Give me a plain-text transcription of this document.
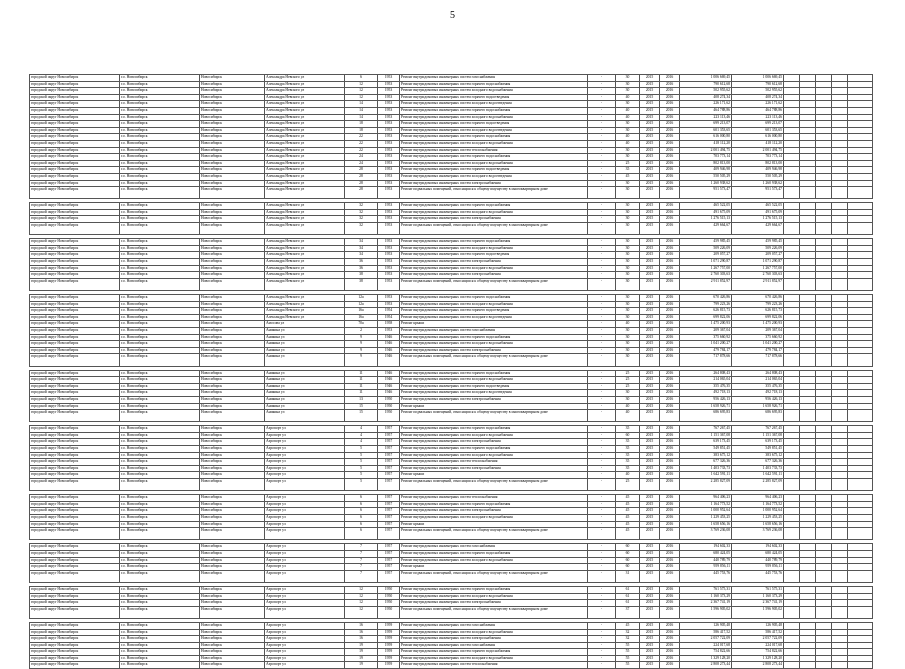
5
городской округ Новосибирск	г.о. Новосибирск	Новосибирск	Александра Невского ул	6	1953	Ремонт внутридомовых инженерных систем газоснабжения	-	30	2015	2016	1 006 669,45	1 006 669,45					
городской округ Новосибирск	г.о. Новосибирск	Новосибирск	Александра Невского ул	12	1953	Ремонт внутридомовых инженерных систем горячего водоснабжения	-	30	2015	2016	790 612,68	790 612,68					
городской округ Новосибирск	г.о. Новосибирск	Новосибирск	Александра Невского ул	12	1953	Ремонт внутридомовых инженерных систем холодного водоснабжения	-	30	2015	2016	502 955,62	502 955,62					
городской округ Новосибирск	г.о. Новосибирск	Новосибирск	Александра Невского ул	12	1953	Ремонт внутридомовых инженерных систем горячего водоотведения	-	40	2015	2016	408 274,34	408 274,34					
городской округ Новосибирск	г.о. Новосибирск	Новосибирск	Александра Невского ул	14	1953	Ремонт внутридомовых инженерных систем холодного водоотведения	-	30	2015	2016	226 171,62	226 171,62					
городской округ Новосибирск	г.о. Новосибирск	Новосибирск	Александра Невского ул	14	1953	Ремонт внутридомовых инженерных систем горячего водоснабжения	-	40	2015	2016	464 788,86	464 788,86					
городской округ Новосибирск	г.о. Новосибирск	Новосибирск	Александра Невского ул	14	1953	Ремонт внутридомовых инженерных систем холодного водоснабжения	-	40	2015	2016	223 113,46	223 113,46					
городской округ Новосибирск	г.о. Новосибирск	Новосибирск	Александра Невского ул	18	1953	Ремонт внутридомовых инженерных систем горячего водоотведения	-	30	2015	2016	699 213,07	699 213,07					
городской округ Новосибирск	г.о. Новосибирск	Новосибирск	Александра Невского ул	18	1953	Ремонт внутридомовых инженерных систем холодного водоотведения	-	30	2015	2016	601 353,65	601 353,65					
городской округ Новосибирск	г.о. Новосибирск	Новосибирск	Александра Невского ул	22	1953	Ремонт внутридомовых инженерных систем горячего водоснабжения	-	40	2015	2016	616 000,80	616 000,80					
городской округ Новосибирск	г.о. Новосибирск	Новосибирск	Александра Невского ул	22	1953	Ремонт внутридомовых инженерных систем холодного водоснабжения	-	40	2015	2016	418 112,20	418 112,20					
городской округ Новосибирск	г.о. Новосибирск	Новосибирск	Александра Невского ул	22	1953	Ремонт внутридомовых инженерных систем теплоснабжения	-	30	2015	2016	2 001 494,75	2 001 494,75					
городской округ Новосибирск	г.о. Новосибирск	Новосибирск	Александра Невского ул	24	1953	Ремонт внутридомовых инженерных систем горячего водоснабжения	-	30	2015	2016	703 773,14	703 773,14					
городской округ Новосибирск	г.о. Новосибирск	Новосибирск	Александра Невского ул	24	1953	Ремонт внутридомовых инженерных систем холодного водоснабжения	-	25	2015	2016	802 813,00	802 813,00					
городской округ Новосибирск	г.о. Новосибирск	Новосибирск	Александра Невского ул	28	1953	Ремонт внутридомовых инженерных систем горячего водоотведения	-	35	2015	2016	409 946,98	409 946,98					
городской округ Новосибирск	г.о. Новосибирск	Новосибирск	Александра Невского ул	28	1953	Ремонт внутридомовых инженерных систем холодного водоотведения	-	45	2015	2016	550 505,29	550 505,29					
городской округ Новосибирск	г.о. Новосибирск	Новосибирск	Александра Невского ул	28	1953	Ремонт внутридомовых инженерных систем электроснабжения	-	30	2015	2016	1 260 938,62	1 260 938,62					
городской округ Новосибирск	г.о. Новосибирск	Новосибирск	Александра Невского ул	28	1953	Ремонт подвальных помещений, относящихся к общему имуществу в многоквартирном доме	-	30	2015	2016	951 573,47	951 573,47					

городской округ Новосибирск	г.о. Новосибирск	Новосибирск	Александра Невского ул	32	1953	Ремонт внутридомовых инженерных систем горячего водоснабжения	-	30	2015	2016	465 522,05	465 522,05					
городской округ Новосибирск	г.о. Новосибирск	Новосибирск	Александра Невского ул	32	1953	Ремонт внутридомовых инженерных систем холодного водоснабжения	-	30	2015	2016	491 675,09	491 675,09					
городской округ Новосибирск	г.о. Новосибирск	Новосибирск	Александра Невского ул	32	1953	Ремонт внутридомовых инженерных систем электроснабжения	-	30	2015	2016	1 276 515,13	1 276 515,13					
городской округ Новосибирск	г.о. Новосибирск	Новосибирск	Александра Невского ул	32	1953	Ремонт подвальных помещений, относящихся к общему имуществу в многоквартирном доме	-	30	2015	2016	429 664,67	429 664,67					

городской округ Новосибирск	г.о. Новосибирск	Новосибирск	Александра Невского ул	34	1953	Ремонт внутридомовых инженерных систем горячего водоснабжения	-	30	2015	2016	459 985,45	459 985,45					
городской округ Новосибирск	г.о. Новосибирск	Новосибирск	Александра Невского ул	34	1953	Ремонт внутридомовых инженерных систем холодного водоснабжения	-	30	2015	2016	509 226,09	509 226,09					
городской округ Новосибирск	г.о. Новосибирск	Новосибирск	Александра Невского ул	34	1953	Ремонт внутридомовых инженерных систем горячего водоотведения	-	30	2015	2016	209 057,27	209 057,27					
городской округ Новосибирск	г.о. Новосибирск	Новосибирск	Александра Невского ул	36	1953	Ремонт внутридомовых инженерных систем электроснабжения	-	30	2015	2016	1 071 290,87	1 071 290,87					
городской округ Новосибирск	г.о. Новосибирск	Новосибирск	Александра Невского ул	36	1953	Ремонт внутридомовых инженерных систем холодного водоснабжения	-	30	2015	2016	1 267 757,00	1 267 757,00					
городской округ Новосибирск	г.о. Новосибирск	Новосибирск	Александра Невского ул	38	1953	Ремонт внутридомовых инженерных систем электроснабжения	-	30	2015	2016	2 760 303,63	2 760 303,63					
городской округ Новосибирск	г.о. Новосибирск	Новосибирск	Александра Невского ул	38	1953	Ремонт подвальных помещений, относящихся к общему имуществу в многоквартирном доме	-	30	2015	2016	2 911 852,97	2 911 852,97					

городской округ Новосибирск	г.о. Новосибирск	Новосибирск	Александра Невского ул	12а	1953	Ремонт внутридомовых инженерных систем горячего водоснабжения	-	30	2015	2016	670 426,86	670 426,86					
городской округ Новосибирск	г.о. Новосибирск	Новосибирск	Александра Невского ул	12а	1953	Ремонт внутридомовых инженерных систем холодного водоснабжения	-	30	2015	2016	799 223,26	799 223,26					
городской округ Новосибирск	г.о. Новосибирск	Новосибирск	Александра Невского ул	16а	1954	Ремонт внутридомовых инженерных систем горячего водоотведения	-	30	2015	2016	626 815,73	626 815,73					
городской округ Новосибирск	г.о. Новосибирск	Новосибирск	Александра Невского ул	16а	1954	Ремонт внутридомовых инженерных систем холодного водоотведения	-	30	2015	2016	699 822,06	699 822,06					
городской округ Новосибирск	г.о. Новосибирск	Новосибирск	Амосова ул	70а	1958	Ремонт крыши	-	40	2015	2016	1 475 200,93	1 475 200,93					
городской округ Новосибирск	г.о. Новосибирск	Новосибирск	Аникина ул	2	1953	Ремонт внутридомовых инженерных систем газоснабжения	-	30	2015	2016	209 367,04	209 367,04					
городской округ Новосибирск	г.о. Новосибирск	Новосибирск	Аникина ул	9	1946	Ремонт внутридомовых инженерных систем горячего водоснабжения	-	30	2015	2016	375 660,92	375 660,92					
городской округ Новосибирск	г.о. Новосибирск	Новосибирск	Аникина ул	9	1946	Ремонт внутридомовых инженерных систем холодного водоснабжения	-	30	2015	2016	1 041 200,27	1 041 200,27					
городской округ Новосибирск	г.о. Новосибирск	Новосибирск	Аникина ул	9	1946	Ремонт внутридомовых инженерных систем электроснабжения	-	30	2015	2016	479 784,17	479 784,17					
городской округ Новосибирск	г.о. Новосибирск	Новосибирск	Аникина ул	9	1946	Ремонт подвальных помещений, относящихся к общему имуществу в многоквартирном доме	-	30	2015	2016	717 878,66	717 878,66					

городской округ Новосибирск	г.о. Новосибирск	Новосибирск	Аникина ул	11	1946	Ремонт внутридомовых инженерных систем горячего водоснабжения	-	25	2015	2016	264 808,43	264 808,43					
городской округ Новосибирск	г.о. Новосибирск	Новосибирск	Аникина ул	11	1946	Ремонт внутридомовых инженерных систем холодного водоснабжения	-	25	2015	2016	214 065,04	214 065,04					
городской округ Новосибирск	г.о. Новосибирск	Новосибирск	Аникина ул	11	1946	Ремонт внутридомовых инженерных систем горячего водоотведения	-	25	2015	2016	355 476,35	355 476,35					
городской округ Новосибирск	г.о. Новосибирск	Новосибирск	Аникина ул	11	1946	Ремонт внутридомовых инженерных систем холодного водоотведения	-	30	2015	2016	492 718,13	492 718,13					
городской округ Новосибирск	г.о. Новосибирск	Новосибирск	Аникина ул	13	1950	Ремонт внутридомовых инженерных систем электроснабжения	-	30	2015	2016	956 426,13	956 426,13					
городской округ Новосибирск	г.о. Новосибирск	Новосибирск	Аникина ул	15	1950	Ремонт крыши	-	40	2015	2016	1 658 926,71	1 658 926,71					
городской округ Новосибирск	г.о. Новосибирск	Новосибирск	Аникина ул	15	1950	Ремонт подвальных помещений, относящихся к общему имуществу в многоквартирном доме	-	40	2015	2016	686 695,83	686 695,83					

городской округ Новосибирск	г.о. Новосибирск	Новосибирск	Аэропорт ул	4	1957	Ремонт внутридомовых инженерных систем горячего водоснабжения	-	35	2015	2016	767 267,45	767 267,45					
городской округ Новосибирск	г.о. Новосибирск	Новосибирск	Аэропорт ул	4	1957	Ремонт внутридомовых инженерных систем холодного водоснабжения	-	60	2015	2016	1 151 367,08	1 151 367,08					
городской округ Новосибирск	г.о. Новосибирск	Новосибирск	Аэропорт ул	4	1957	Ремонт внутридомовых инженерных систем электроснабжения	-	35	2015	2016	639 173,45	639 173,45					
городской округ Новосибирск	г.о. Новосибирск	Новосибирск	Аэропорт ул	5	1957	Ремонт внутридомовых инженерных систем горячего водоснабжения	-	35	2015	2016	549 851,45	549 851,45					
городской округ Новосибирск	г.о. Новосибирск	Новосибирск	Аэропорт ул	5	1957	Ремонт внутридомовых инженерных систем холодного водоснабжения	-	35	2015	2016	383 675,12	383 675,12					
городской округ Новосибирск	г.о. Новосибирск	Новосибирск	Аэропорт ул	5	1957	Ремонт внутридомовых инженерных систем теплоснабжения	-	35	2015	2016	677 326,36	677 326,36					
городской округ Новосибирск	г.о. Новосибирск	Новосибирск	Аэропорт ул	5	1957	Ремонт внутридомовых инженерных систем электроснабжения	-	35	2015	2016	1 403 733,73	1 403 733,73					
городской округ Новосибирск	г.о. Новосибирск	Новосибирск	Аэропорт ул	5	1957	Ремонт крыши	-	40	2015	2016	1 642 591,11	1 642 591,11					
городской округ Новосибирск	г.о. Новосибирск	Новосибирск	Аэропорт ул	5	1957	Ремонт подвальных помещений, относящихся к общему имуществу в многоквартирном доме	-	25	2015	2016	2 285 827,09	2 285 827,09					

городской округ Новосибирск	г.о. Новосибирск	Новосибирск	Аэропорт ул	6	1957	Ремонт внутридомовых инженерных систем теплоснабжения	-	45	2015	2016	964 406,23	964 406,23					
городской округ Новосибирск	г.о. Новосибирск	Новосибирск	Аэропорт ул	6	1957	Ремонт внутридомовых инженерных систем горячего водоснабжения	-	45	2015	2016	1 164 773,52	1 164 773,52					
городской округ Новосибирск	г.о. Новосибирск	Новосибирск	Аэропорт ул	6	1957	Ремонт внутридомовых инженерных систем электроснабжения	-	45	2015	2016	1 000 952,64	1 000 952,64					
городской округ Новосибирск	г.о. Новосибирск	Новосибирск	Аэропорт ул	6	1957	Ремонт внутридомовых инженерных систем холодного водоснабжения	-	45	2015	2016	1 229 453,25	1 229 453,25					
городской округ Новосибирск	г.о. Новосибирск	Новосибирск	Аэропорт ул	6	1957	Ремонт крыши	-	45	2015	2016	1 658 656,16	1 658 656,16					
городской округ Новосибирск	г.о. Новосибирск	Новосибирск	Аэропорт ул	6	1957	Ремонт подвальных помещений, относящихся к общему имуществу в многоквартирном доме	-	45	2015	2016	3 769 236,08	3 769 236,08					

городской округ Новосибирск	г.о. Новосибирск	Новосибирск	Аэропорт ул	7	1957	Ремонт внутридомовых инженерных систем газоснабжения	-	60	2015	2016	194 602,33	194 602,33					
городской округ Новосибирск	г.о. Новосибирск	Новосибирск	Аэропорт ул	7	1957	Ремонт внутридомовых инженерных систем горячего водоснабжения	-	60	2015	2016	680 424,05	680 424,05					
городской округ Новосибирск	г.о. Новосибирск	Новосибирск	Аэропорт ул	7	1957	Ремонт внутридомовых инженерных систем холодного водоснабжения	-	60	2015	2016	440 789,79	440 789,79					
городской округ Новосибирск	г.о. Новосибирск	Новосибирск	Аэропорт ул	7	1957	Ремонт крыши	-	60	2015	2016	959 856,11	959 856,11					
городской округ Новосибирск	г.о. Новосибирск	Новосибирск	Аэропорт ул	7	1957	Ремонт подвальных помещений, относящихся к общему имуществу в многоквартирном доме	-	31	2015	2016	445 753,76	445 753,76					

городской округ Новосибирск	г.о. Новосибирск	Новосибирск	Аэропорт ул	12	1950	Ремонт внутридомовых инженерных систем горячего водоснабжения	-	61	2015	2016	761 575,31	761 575,31					
городской округ Новосибирск	г.о. Новосибирск	Новосибирск	Аэропорт ул	12	1950	Ремонт внутридомовых инженерных систем холодного водоснабжения	-	61	2015	2016	1 160 373,29	1 160 373,29					
городской округ Новосибирск	г.о. Новосибирск	Новосибирск	Аэропорт ул	12	1950	Ремонт внутридомовых инженерных систем электроснабжения	-	61	2015	2016	2 367 741,19	2 367 741,19					
городской округ Новосибирск	г.о. Новосибирск	Новосибирск	Аэропорт ул	12	1950	Ремонт подвальных помещений, относящихся к общему имуществу в многоквартирном доме	-	37	2015	2016	1 596 905,02	1 596 905,02					

городской округ Новосибирск	г.о. Новосибирск	Новосибирск	Аэропорт ул	16	1959	Ремонт внутридомовых инженерных систем газоснабжения	-	45	2015	2016	126 905,48	126 905,48					
городской округ Новосибирск	г.о. Новосибирск	Новосибирск	Аэропорт ул	16	1959	Ремонт внутридомовых инженерных систем холодного водоснабжения	-	32	2015	2016	586 417,52	586 417,52					
городской округ Новосибирск	г.о. Новосибирск	Новосибирск	Аэропорт ул	16	1959	Ремонт внутридомовых инженерных систем электроснабжения	-	32	2015	2016	2 057 722,09	2 057 722,09					
городской округ Новосибирск	г.о. Новосибирск	Новосибирск	Аэропорт ул	19	1959	Ремонт внутридомовых инженерных систем газоснабжения	-	55	2015	2016	224 017,68	224 017,68					
городской округ Новосибирск	г.о. Новосибирск	Новосибирск	Аэропорт ул	19	1959	Ремонт внутридомовых инженерных систем горячего водоснабжения	-	55	2015	2016	754 822,66	754 822,66					
городской округ Новосибирск	г.о. Новосибирск	Новосибирск	Аэропорт ул	19	1959	Ремонт внутридомовых инженерных систем холодного водоснабжения	-	55	2015	2016	1 329 128,20	1 329 128,20					
городской округ Новосибирск	г.о. Новосибирск	Новосибирск	Аэропорт ул	19	1959	Ремонт внутридомовых инженерных систем теплоснабжения	-	55	2015	2016	2 808 273,44	2 808 273,44					
